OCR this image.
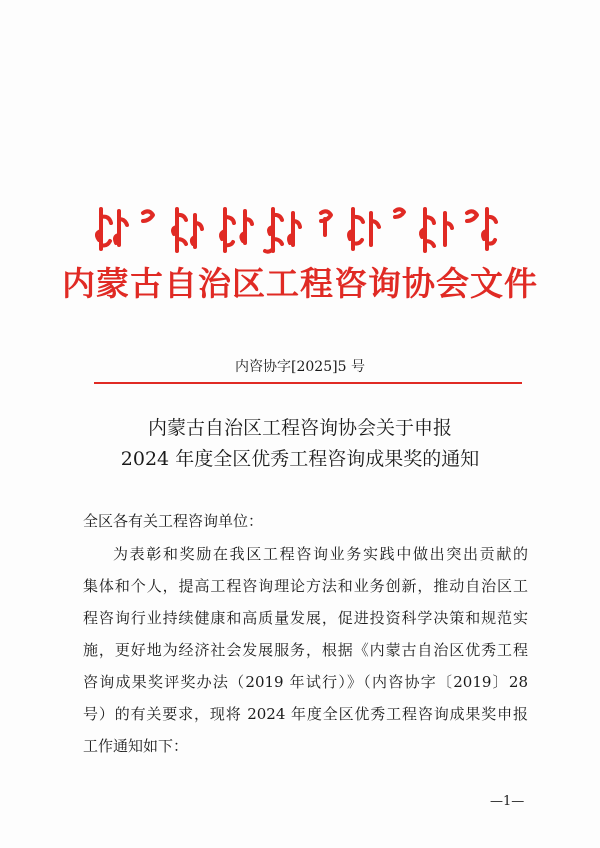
内蒙古自治区工程咨询协会文件
内咨协字[2025]5 号
内蒙古自治区工程咨询协会关于申报
2024 年度全区优秀工程咨询成果奖的通知
全区各有关工程咨询单位：
为表彰和奖励在我区工程咨询业务实践中做出突出贡献的
集体和个人，提高工程咨询理论方法和业务创新，推动自治区工
程咨询行业持续健康和高质量发展，促进投资科学决策和规范实
施，更好地为经济社会发展服务，根据《内蒙古自治区优秀工程
咨询成果奖评奖办法（2019 年试行）》（内咨协字〔2019〕28
号）的有关要求，现将 2024 年度全区优秀工程咨询成果奖申报
工作通知如下：
—1—
